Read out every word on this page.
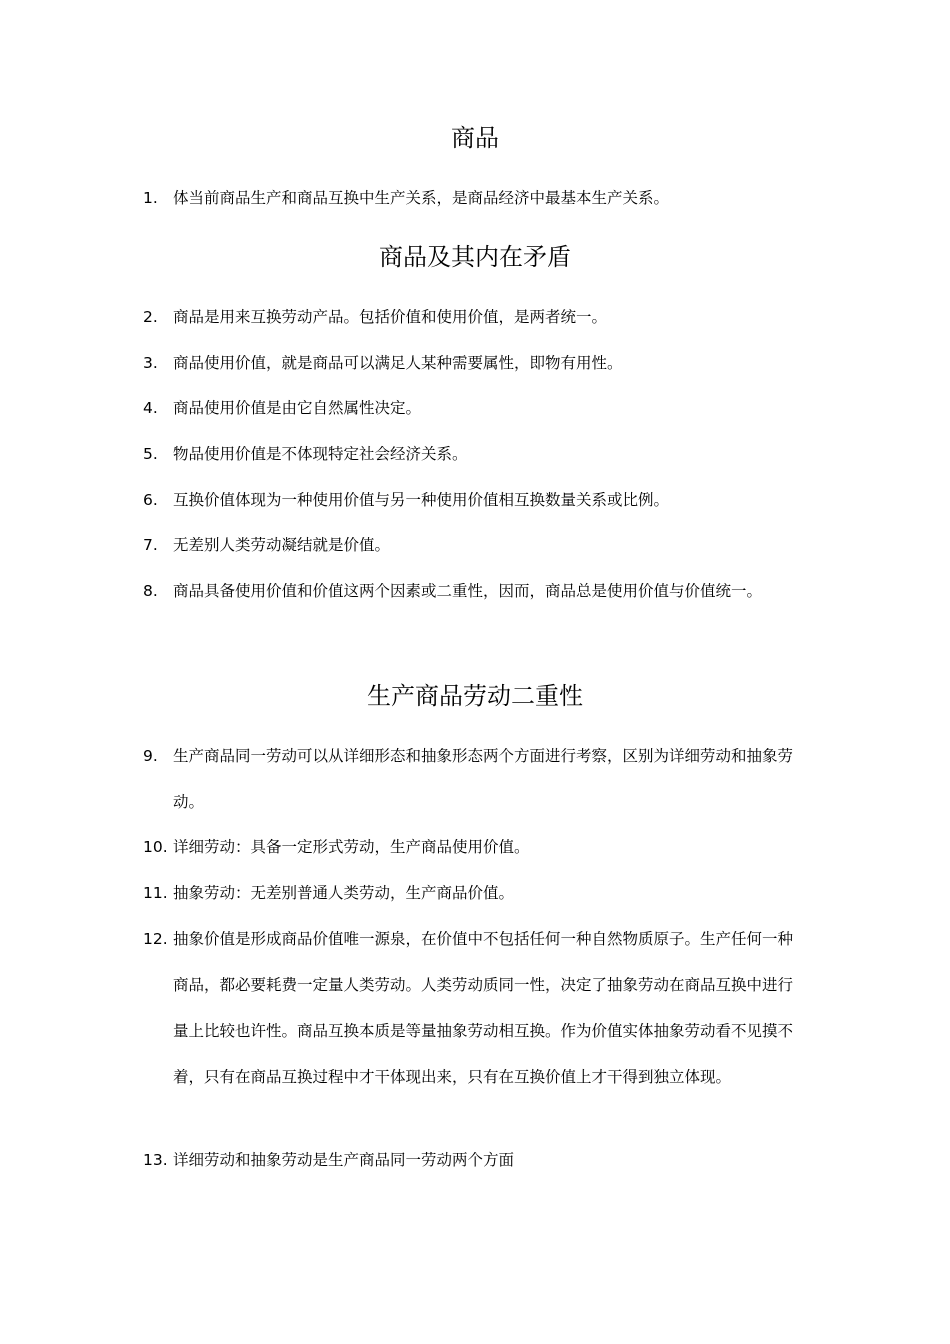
商品
1. 体当前商品生产和商品互换中生产关系，是商品经济中最基本生产关系。
商品及其内在矛盾
2. 商品是用来互换劳动产品。包括价值和使用价值，是两者统一。
3. 商品使用价值，就是商品可以满足人某种需要属性，即物有用性。
4. 商品使用价值是由它自然属性决定。
5. 物品使用价值是不体现特定社会经济关系。
6. 互换价值体现为一种使用价值与另一种使用价值相互换数量关系或比例。
7. 无差别人类劳动凝结就是价值。
8. 商品具备使用价值和价值这两个因素或二重性，因而，商品总是使用价值与价值统一。
生产商品劳动二重性
9. 生产商品同一劳动可以从详细形态和抽象形态两个方面进行考察，区别为详细劳动和抽象劳动。
10. 详细劳动：具备一定形式劳动，生产商品使用价值。
11. 抽象劳动：无差别普通人类劳动，生产商品价值。
12. 抽象价值是形成商品价值唯一源泉，在价值中不包括任何一种自然物质原子。生产任何一种商品，都必要耗费一定量人类劳动。人类劳动质同一性，决定了抽象劳动在商品互换中进行量上比较也许性。商品互换本质是等量抽象劳动相互换。作为价值实体抽象劳动看不见摸不着，只有在商品互换过程中才干体现出来，只有在互换价值上才干得到独立体现。
13. 详细劳动和抽象劳动是生产商品同一劳动两个方面
